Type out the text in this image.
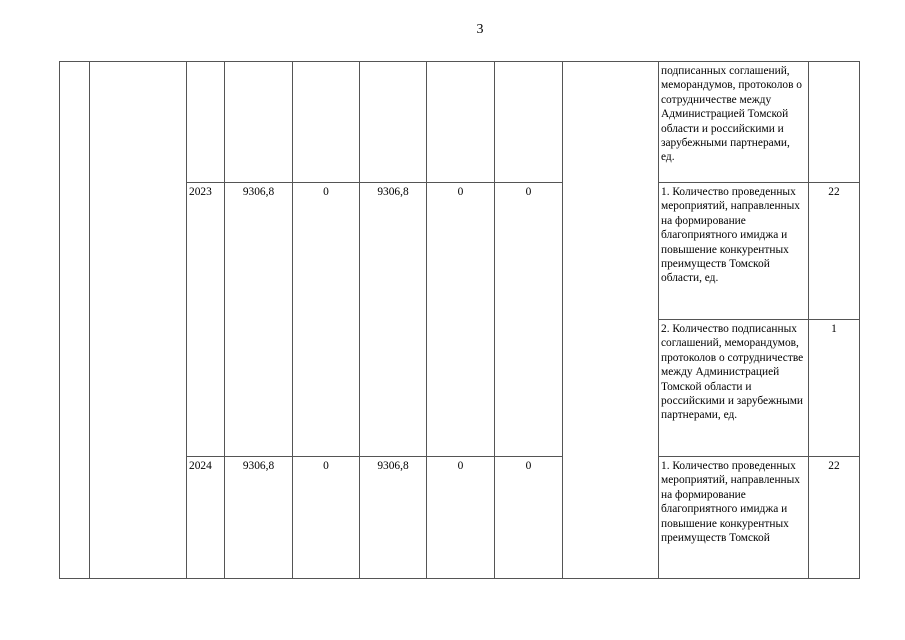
3
									подписанных соглашений, меморандумов, протоколов о сотрудничестве между Администрацией Томской области и российскими и зарубежными партнерами, ед.	
		2023	9306,8	0	9306,8	0	0		1. Количество проведенных мероприятий, направленных на формирование благоприятного имиджа и повышение конкурентных преимуществ Томской области, ед.	22
									2. Количество подписанных соглашений, меморандумов, протоколов о сотрудничестве между Администрацией Томской области и российскими и зарубежными партнерами, ед.	1
		2024	9306,8	0	9306,8	0	0		1. Количество проведенных мероприятий, направленных на формирование благоприятного имиджа и повышение конкурентных преимуществ Томской	22
